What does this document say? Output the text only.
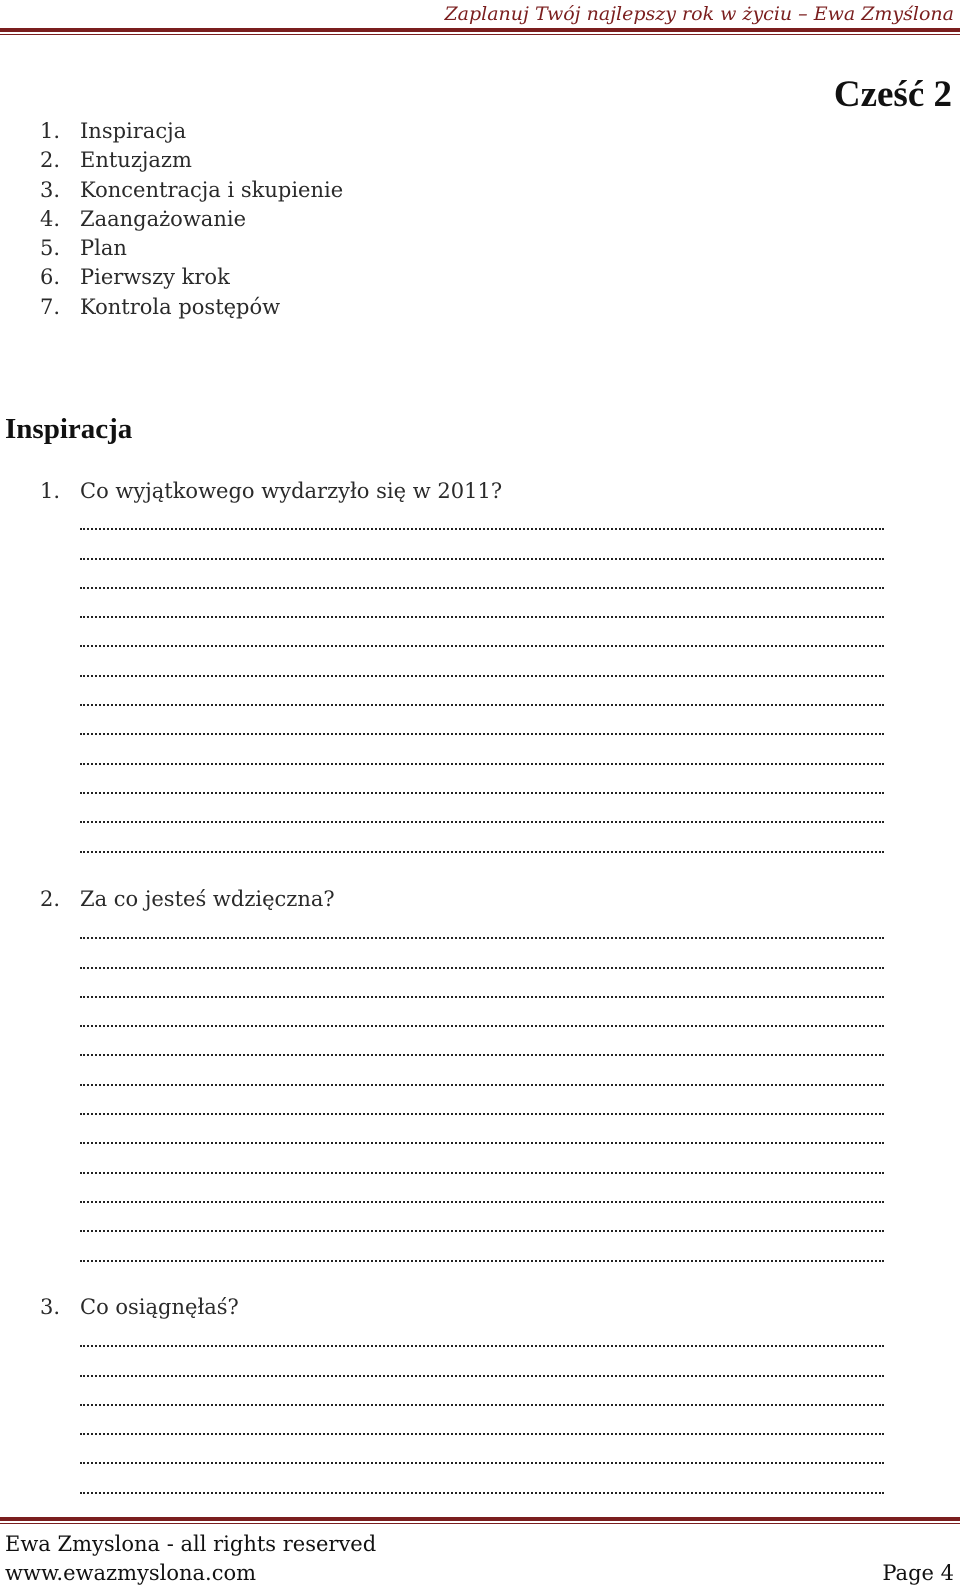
Zaplanuj Twój najlepszy rok w życiu – Ewa Zmyślona
Cześć 2
1. Inspiracja
2. Entuzjazm
3. Koncentracja i skupienie
4. Zaangażowanie
5. Plan
6. Pierwszy krok
7. Kontrola postępów
Inspiracja
1. Co wyjątkowego wydarzyło się w 2011?
2. Za co jesteś wdzięczna?
3. Co osiągnęłaś?
Ewa Zmyslona - all rights reserved
www.ewazmyslona.com	Page 4
